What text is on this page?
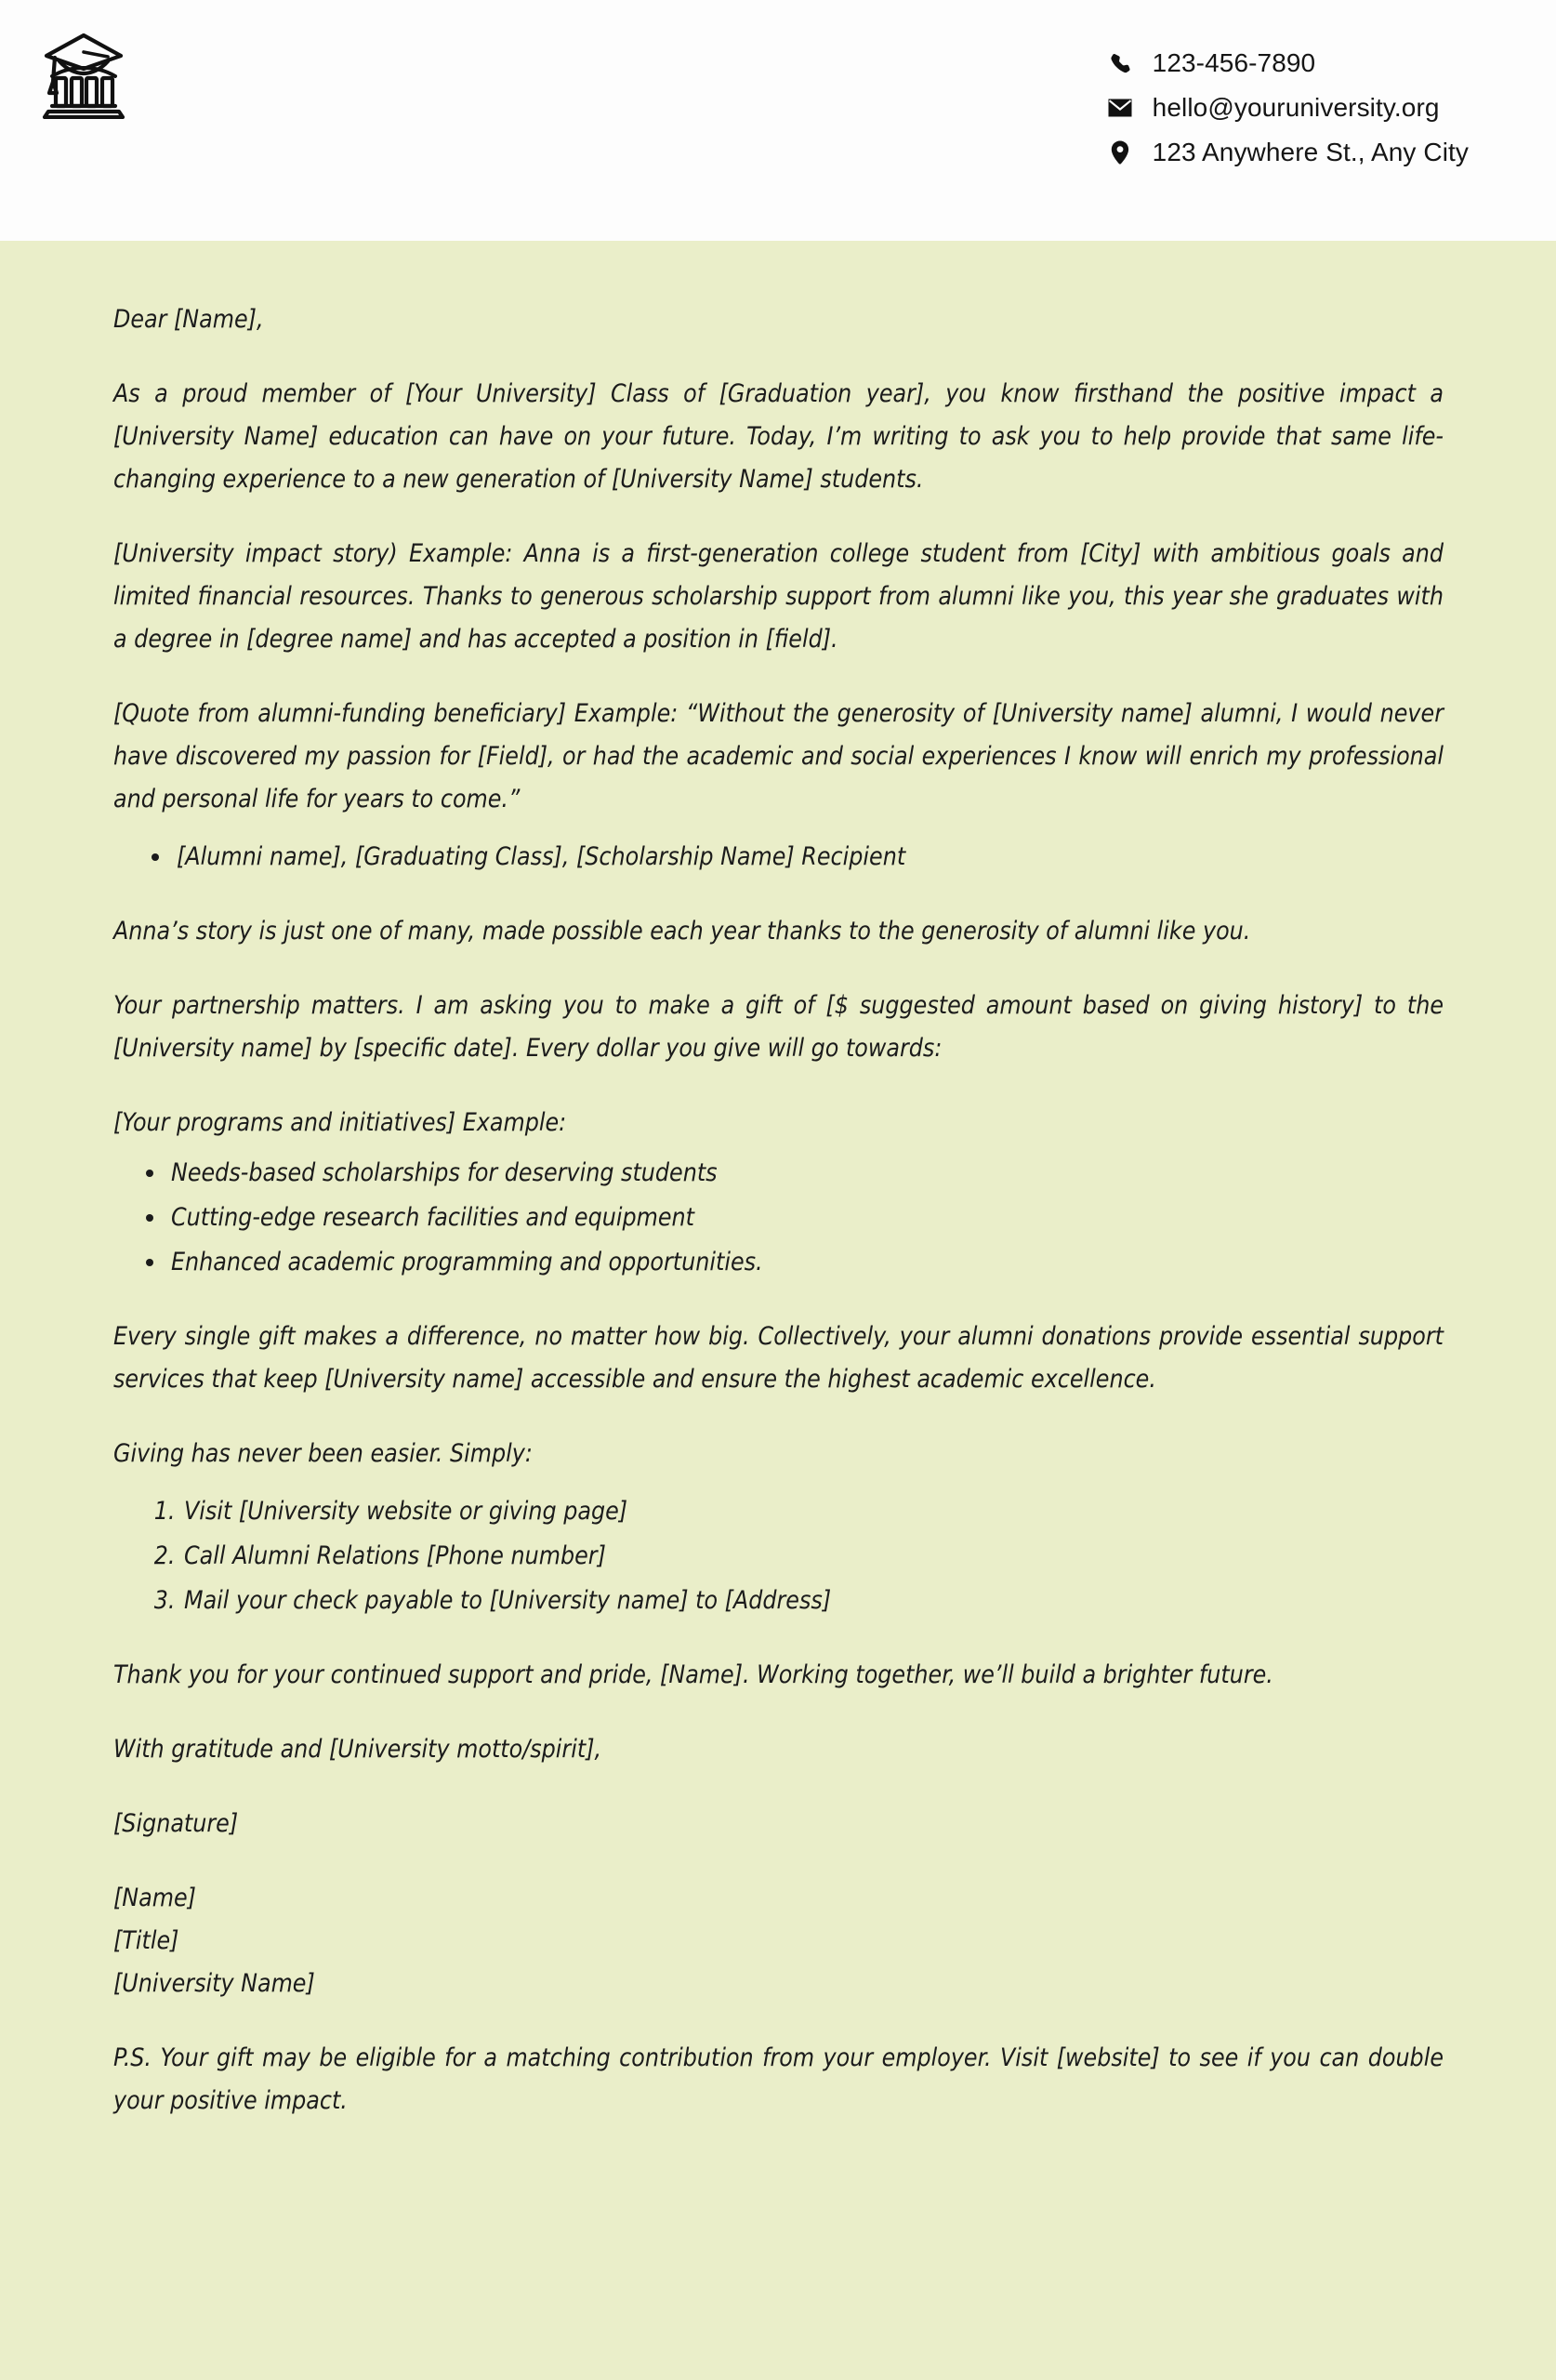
123-456-7890
hello@youruniversity.org
123 Anywhere St., Any City

Dear [Name],

As a proud member of [Your University] Class of [Graduation year], you know firsthand the positive impact a [University Name] education can have on your future. Today, I’m writing to ask you to help provide that same life-changing experience to a new generation of [University Name] students.

[University impact story) Example: Anna is a first-generation college student from [City] with ambitious goals and limited financial resources. Thanks to generous scholarship support from alumni like you, this year she graduates with a degree in [degree name] and has accepted a position in [field].

[Quote from alumni-funding beneficiary] Example: “Without the generosity of [University name] alumni, I would never have discovered my passion for [Field], or had the academic and social experiences I know will enrich my professional and personal life for years to come.”

• [Alumni name], [Graduating Class], [Scholarship Name] Recipient

Anna’s story is just one of many, made possible each year thanks to the generosity of alumni like you.

Your partnership matters. I am asking you to make a gift of [$ suggested amount based on giving history] to the [University name] by [specific date]. Every dollar you give will go towards:

[Your programs and initiatives] Example:

• Needs-based scholarships for deserving students
• Cutting-edge research facilities and equipment
• Enhanced academic programming and opportunities.

Every single gift makes a difference, no matter how big. Collectively, your alumni donations provide essential support services that keep [University name] accessible and ensure the highest academic excellence.

Giving has never been easier. Simply:

1. Visit [University website or giving page]
2. Call Alumni Relations [Phone number]
3. Mail your check payable to [University name] to [Address]

Thank you for your continued support and pride, [Name]. Working together, we’ll build a brighter future.

With gratitude and [University motto/spirit],

[Signature]

[Name]

[Title]

[University Name]

P.S. Your gift may be eligible for a matching contribution from your employer. Visit [website] to see if you can double your positive impact.
